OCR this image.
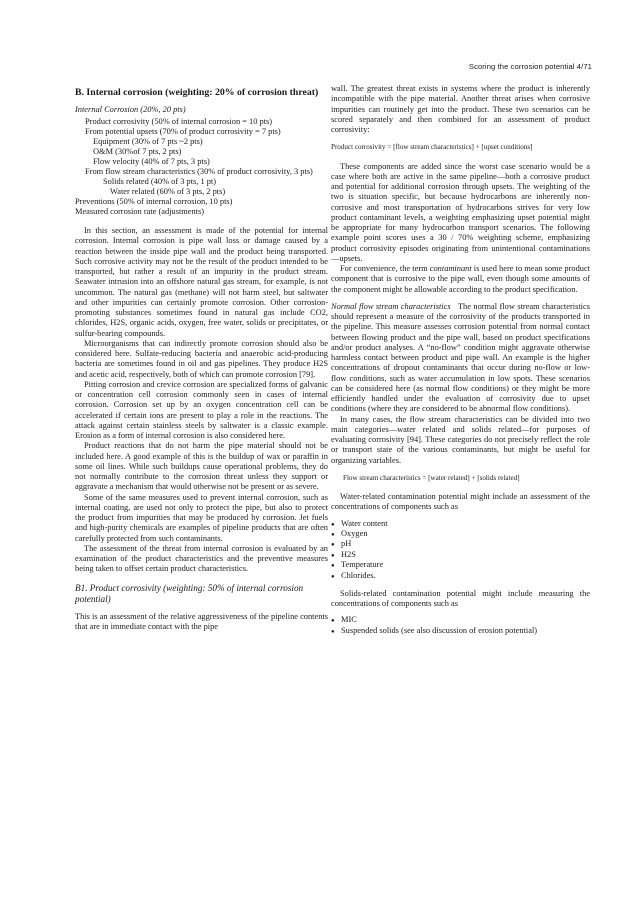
Scoring the corrosion potential 4/71
B. Internal corrosion (weighting: 20% of corrosion threat)
Internal Corrosion (20%, 20 pts)
Product corrosivity (50% of internal corrosion = 10 pts)
From potential upsets (70% of product corrosivity = 7 pts)
Equipment (30% of 7 pts ~2 pts)
O&M (30%of 7 pts, 2 pts)
Flow velocity (40% of 7 pts, 3 pts)
From flow stream characteristics (30% of product corrosivity, 3 pts)
Solids related (40% of 3 pts, 1 pt)
Water related (60% of 3 pts, 2 pts)
Preventions (50% of internal corrosion, 10 pts)
Measured corrosion rate (adjustments)

In this section, an assessment is made of the potential for internal corrosion. Internal corrosion is pipe wall loss or damage caused by a reaction between the inside pipe wall and the product being transported. Such corrosive activity may not be the result of the product intended to be transported, but rather a result of an impurity in the product stream. Seawater intrusion into an offshore natural gas stream, for example, is not uncommon. The natural gas (methane) will not harm steel, but saltwater and other impurities can certainly promote corrosion. Other corrosion-promoting substances sometimes found in natural gas include CO2, chlorides, H2S, organic acids, oxygen, free water, solids or precipitates, or sulfur-bearing compounds.

Microorganisms that can indirectly promote corrosion should also be considered here. Sulfate-reducing bacteria and anaerobic acid-producing bacteria are sometimes found in oil and gas pipelines. They produce H2S and acetic acid, respectively, both of which can promote corrosion [79].

Pitting corrosion and crevice corrosion are specialized forms of galvanic or concentration cell corrosion commonly seen in cases of internal corrosion. Corrosion set up by an oxygen concentration cell can be accelerated if certain ions are present to play a role in the reactions. The attack against certain stainless steels by saltwater is a classic example. Erosion as a form of internal corrosion is also considered here.

Product reactions that do not harm the pipe material should not be included here. A good example of this is the buildup of wax or paraffin in some oil lines. While such buildups cause operational problems, they do not normally contribute to the corrosion threat unless they support or aggravate a mechanism that would otherwise not be present or as severe.

Some of the same measures used to prevent internal corrosion, such as internal coating, are used not only to protect the pipe, but also to protect the product from impurities that may be produced by corrosion. Jet fuels and high-purity chemicals are examples of pipeline products that are often carefully protected from such contaminants.

The assessment of the threat from internal corrosion is evaluated by an examination of the product characteristics and the preventive measures being taken to offset certain product characteristics.

B1. Product corrosivity (weighting: 50% of internal corrosion potential)

This is an assessment of the relative aggressiveness of the pipeline contents that are in immediate contact with the pipe

wall. The greatest threat exists in systems where the product is inherently incompatible with the pipe material. Another threat arises when corrosive impurities can routinely get into the product. These two scenarios can be scored separately and then combined for an assessment of product corrosivity:

Product corrosivity = [flow stream characteristics] + [upset conditions]

These components are added since the worst case scenario would be a case where both are active in the same pipeline—both a corrosive product and potential for additional corrosion through upsets. The weighting of the two is situation specific, but because hydrocarbons are inherently non-corrosive and most transportation of hydrocarbons strives for very low product contaminant levels, a weighting emphasizing upset potential might be appropriate for many hydrocarbon transport scenarios. The following example point scores uses a 30 / 70% weighting scheme, emphasizing product corrosivity episodes originating from unintentional contaminations—upsets.

For convenience, the term contaminant is used here to mean some product component that is corrosive to the pipe wall, even though some amounts of the component might be allowable according to the product specification.

Normal flow stream characteristics The normal flow stream characteristics should represent a measure of the corrosivity of the products transported in the pipeline. This measure assesses corrosion potential from normal contact between flowing product and the pipe wall, based on product specifications and/or product analyses. A “no-flow” condition might aggravate otherwise harmless contact between product and pipe wall. An example is the higher concentrations of dropout contaminants that occur during no-flow or low-flow conditions, such as water accumulation in low spots. These scenarios can be considered here (as normal flow conditions) or they might be more efficiently handled under the evaluation of corrosivity due to upset conditions (where they are considered to be abnormal flow conditions).

In many cases, the flow stream characteristics can be divided into two main categories—water related and solids related—for purposes of evaluating corrosivity [94]. These categories do not precisely reflect the role or transport state of the various contaminants, but might be useful for organizing variables.

Flow stream characteristics = [water related] + [solids related]

Water-related contamination potential might include an assessment of the concentrations of components such as

● Water content
● Oxygen
● pH
● H2S
● Temperature
● Chlorides.

Solids-related contamination potential might include measuring the concentrations of components such as

● MIC
● Suspended solids (see also discussion of erosion potential)
